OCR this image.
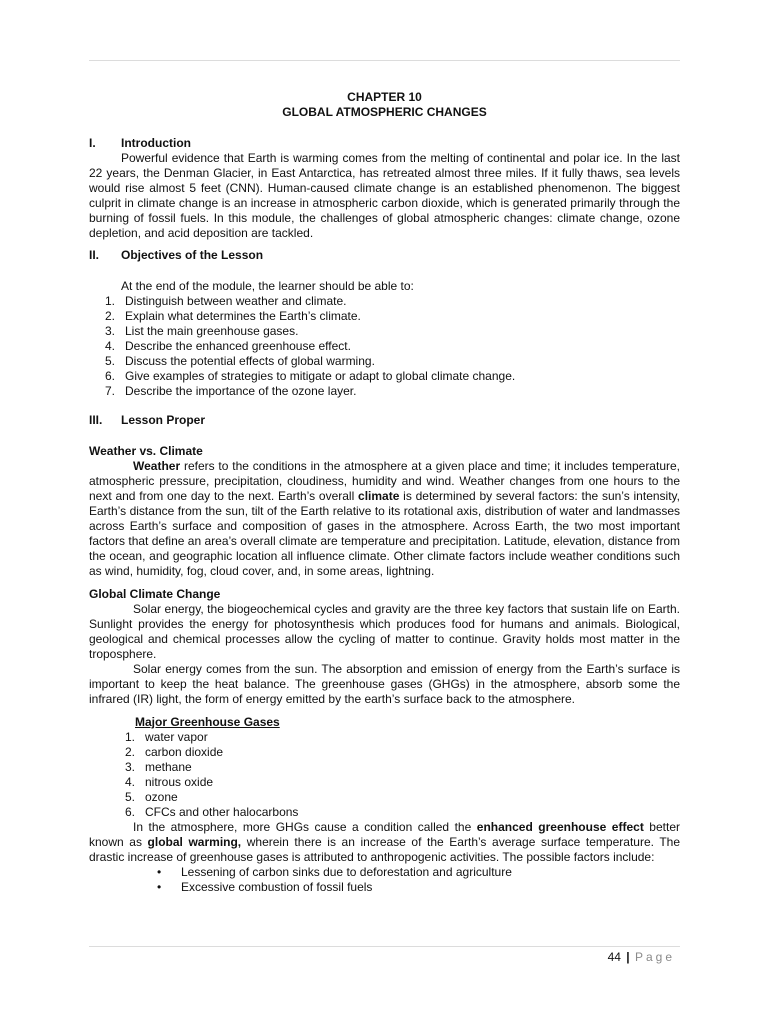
CHAPTER 10
GLOBAL ATMOSPHERIC CHANGES
I.	Introduction

Powerful evidence that Earth is warming comes from the melting of continental and polar ice. In the last 22 years, the Denman Glacier, in East Antarctica, has retreated almost three miles. If it fully thaws, sea levels would rise almost 5 feet (CNN). Human-caused climate change is an established phenomenon. The biggest culprit in climate change is an increase in atmospheric carbon dioxide, which is generated primarily through the burning of fossil fuels. In this module, the challenges of global atmospheric changes: climate change, ozone depletion, and acid deposition are tackled.

II.	Objectives of the Lesson

At the end of the module, the learner should be able to:

1. Distinguish between weather and climate.
2. Explain what determines the Earth’s climate.
3. List the main greenhouse gases.
4. Describe the enhanced greenhouse effect.
5. Discuss the potential effects of global warming.
6. Give examples of strategies to mitigate or adapt to global climate change.
7. Describe the importance of the ozone layer.
III.	Lesson Proper
Weather vs. Climate

Weather refers to the conditions in the atmosphere at a given place and time; it includes temperature, atmospheric pressure, precipitation, cloudiness, humidity and wind. Weather changes from one hours to the next and from one day to the next. Earth’s overall climate is determined by several factors: the sun’s intensity, Earth’s distance from the sun, tilt of the Earth relative to its rotational axis, distribution of water and landmasses across Earth’s surface and composition of gases in the atmosphere. Across Earth, the two most important factors that define an area’s overall climate are temperature and precipitation. Latitude, elevation, distance from the ocean, and geographic location all influence climate. Other climate factors include weather conditions such as wind, humidity, fog, cloud cover, and, in some areas, lightning.

Global Climate Change

Solar energy, the biogeochemical cycles and gravity are the three key factors that sustain life on Earth. Sunlight provides the energy for photosynthesis which produces food for humans and animals. Biological, geological and chemical processes allow the cycling of matter to continue. Gravity holds most matter in the troposphere.

Solar energy comes from the sun. The absorption and emission of energy from the Earth’s surface is important to keep the heat balance. The greenhouse gases (GHGs) in the atmosphere, absorb some the infrared (IR) light, the form of energy emitted by the earth’s surface back to the atmosphere.

Major Greenhouse Gases
1. water vapor
2. carbon dioxide
3. methane
4. nitrous oxide
5. ozone
6. CFCs and other halocarbons

In the atmosphere, more GHGs cause a condition called the enhanced greenhouse effect better known as global warming, wherein there is an increase of the Earth’s average surface temperature. The drastic increase of greenhouse gases is attributed to anthropogenic activities. The possible factors include:

•	Lessening of carbon sinks due to deforestation and agriculture
•	Excessive combustion of fossil fuels
44 | Page
